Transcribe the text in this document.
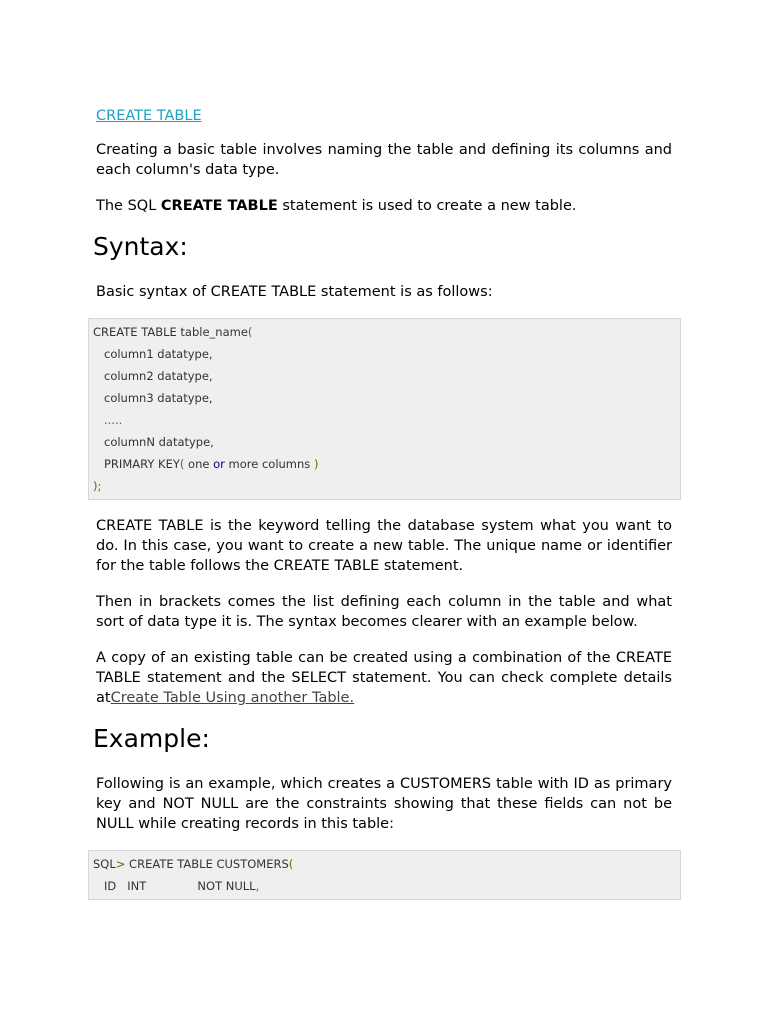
CREATE TABLE

Creating a basic table involves naming the table and defining its columns and each column's data type.

The SQL CREATE TABLE statement is used to create a new table.

Syntax:

Basic syntax of CREATE TABLE statement is as follows:

CREATE TABLE table_name(
column1 datatype,
column2 datatype,
column3 datatype,
.....
columnN datatype,
PRIMARY KEY( one or more columns )
);

CREATE TABLE is the keyword telling the database system what you want to do. In this case, you want to create a new table. The unique name or identifier for the table follows the CREATE TABLE statement.

Then in brackets comes the list defining each column in the table and what sort of data type it is. The syntax becomes clearer with an example below.

A copy of an existing table can be created using a combination of the CREATE TABLE statement and the SELECT statement. You can check complete details atCreate Table Using another Table.

Example:

Following is an example, which creates a CUSTOMERS table with ID as primary key and NOT NULL are the constraints showing that these fields can not be NULL while creating records in this table:

SQL> CREATE TABLE CUSTOMERS(
ID   INT              NOT NULL,
